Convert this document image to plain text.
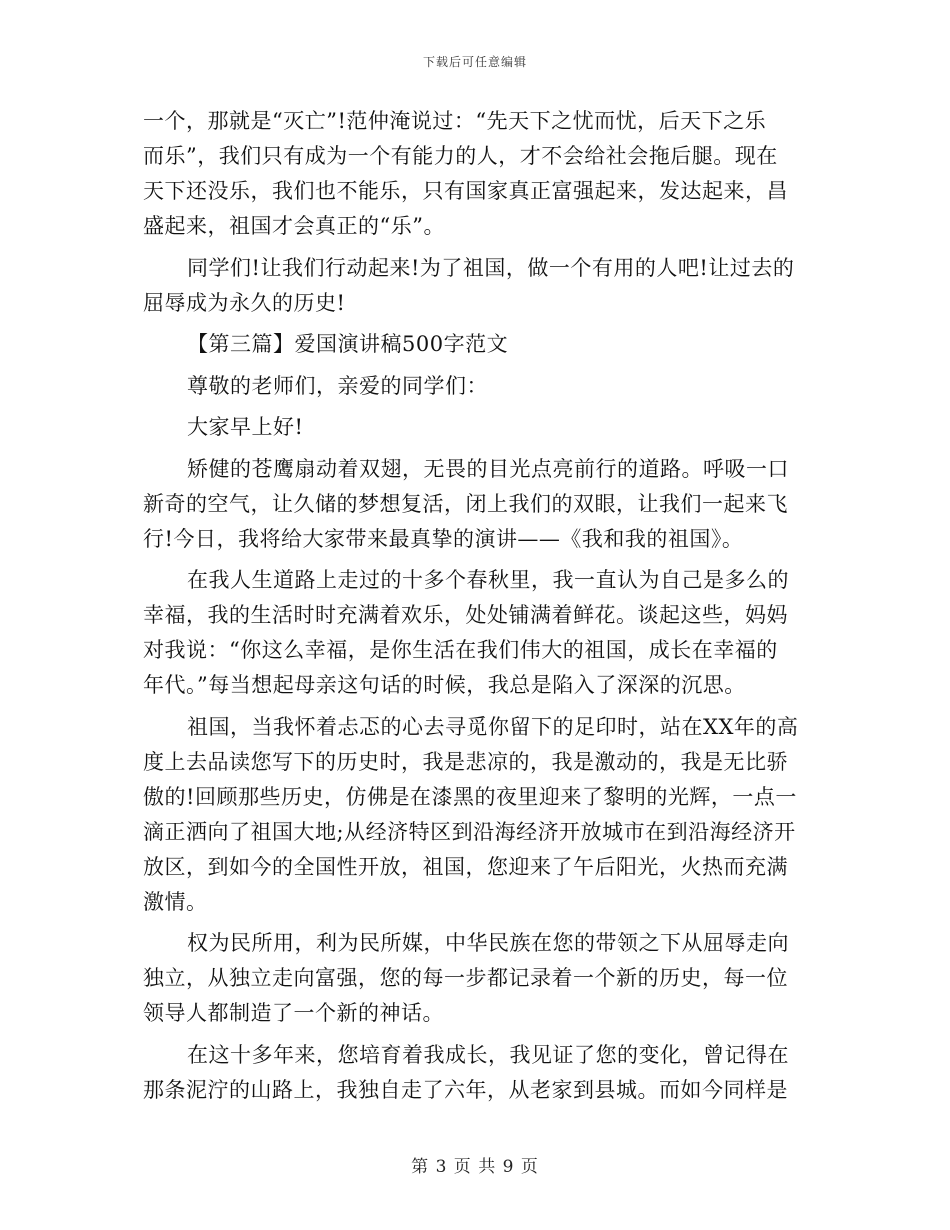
下载后可任意编辑
一个，那就是“灭亡”!范仲淹说过：“先天下之忧而忧，后天下之乐
而乐”，我们只有成为一个有能力的人，才不会给社会拖后腿。现在
天下还没乐，我们也不能乐，只有国家真正富强起来，发达起来，昌
盛起来，祖国才会真正的“乐”。
同学们!让我们行动起来!为了祖国，做一个有用的人吧!让过去的
屈辱成为永久的历史!
【第三篇】爱国演讲稿500字范文
尊敬的老师们，亲爱的同学们：
大家早上好!
矫健的苍鹰扇动着双翅，无畏的目光点亮前行的道路。呼吸一口
新奇的空气，让久储的梦想复活，闭上我们的双眼，让我们一起来飞
行!今日，我将给大家带来最真挚的演讲——《我和我的祖国》。
在我人生道路上走过的十多个春秋里，我一直认为自己是多么的
幸福，我的生活时时充满着欢乐，处处铺满着鲜花。谈起这些，妈妈
对我说：“你这么幸福，是你生活在我们伟大的祖国，成长在幸福的
年代。”每当想起母亲这句话的时候，我总是陷入了深深的沉思。
祖国，当我怀着忐忑的心去寻觅你留下的足印时，站在XX年的高
度上去品读您写下的历史时，我是悲凉的，我是激动的，我是无比骄
傲的!回顾那些历史，仿佛是在漆黑的夜里迎来了黎明的光辉，一点一
滴正洒向了祖国大地;从经济特区到沿海经济开放城市在到沿海经济开
放区，到如今的全国性开放，祖国，您迎来了午后阳光，火热而充满
激情。
权为民所用，利为民所媒，中华民族在您的带领之下从屈辱走向
独立，从独立走向富强，您的每一步都记录着一个新的历史，每一位
领导人都制造了一个新的神话。
在这十多年来，您培育着我成长，我见证了您的变化，曾记得在
那条泥泞的山路上，我独自走了六年，从老家到县城。而如今同样是
第 3 页 共 9 页
